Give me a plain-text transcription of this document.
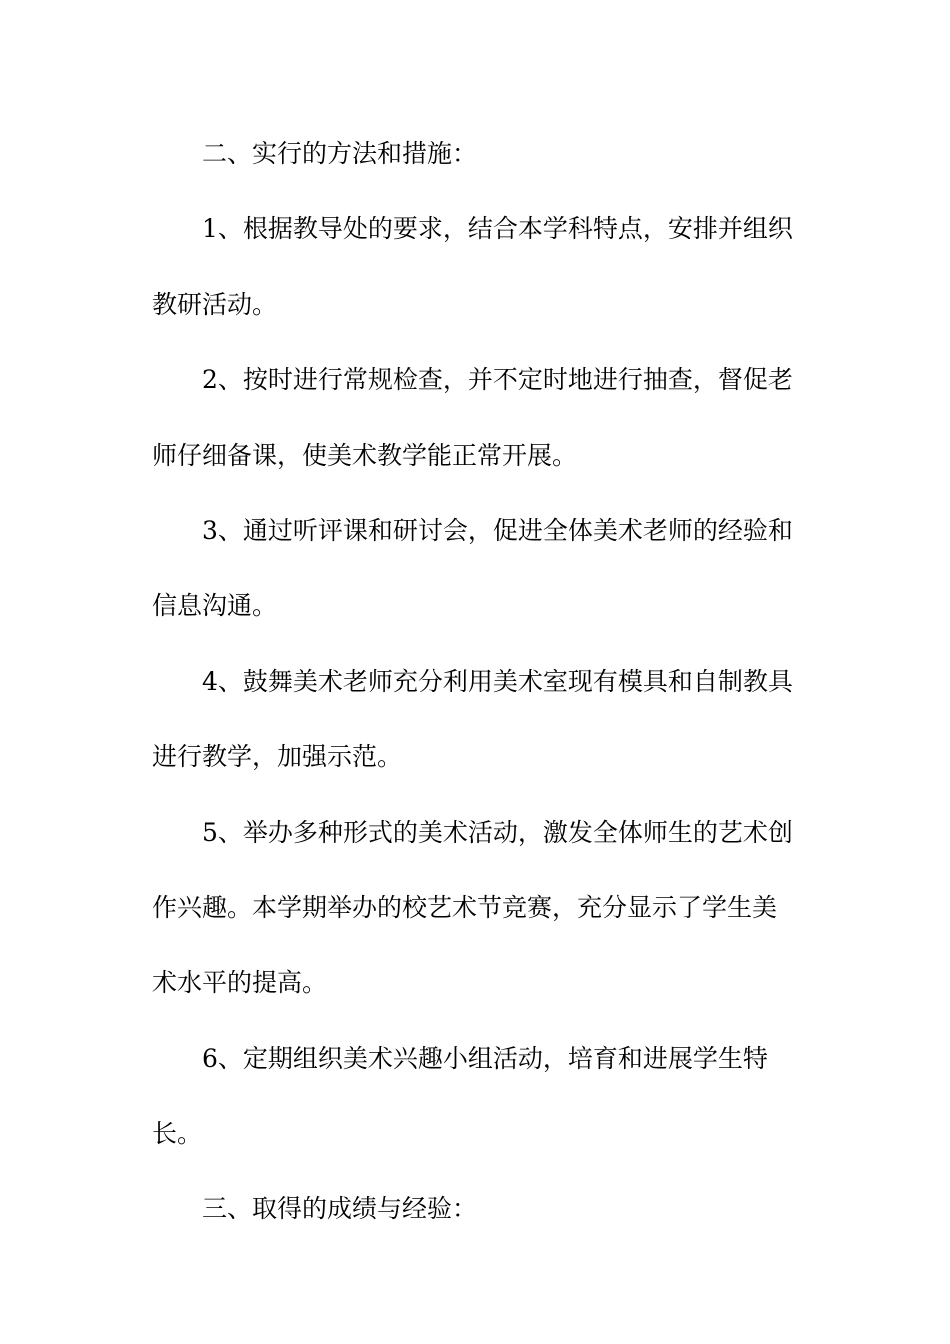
二、实行的方法和措施：

1、根据教导处的要求，结合本学科特点，安排并组织

教研活动。

2、按时进行常规检查，并不定时地进行抽查，督促老

师仔细备课，使美术教学能正常开展。

3、通过听评课和研讨会，促进全体美术老师的经验和

信息沟通。

4、鼓舞美术老师充分利用美术室现有模具和自制教具

进行教学，加强示范。

5、举办多种形式的美术活动，激发全体师生的艺术创

作兴趣。本学期举办的校艺术节竞赛，充分显示了学生美

术水平的提高。

6、定期组织美术兴趣小组活动，培育和进展学生特

长。

三、取得的成绩与经验：
